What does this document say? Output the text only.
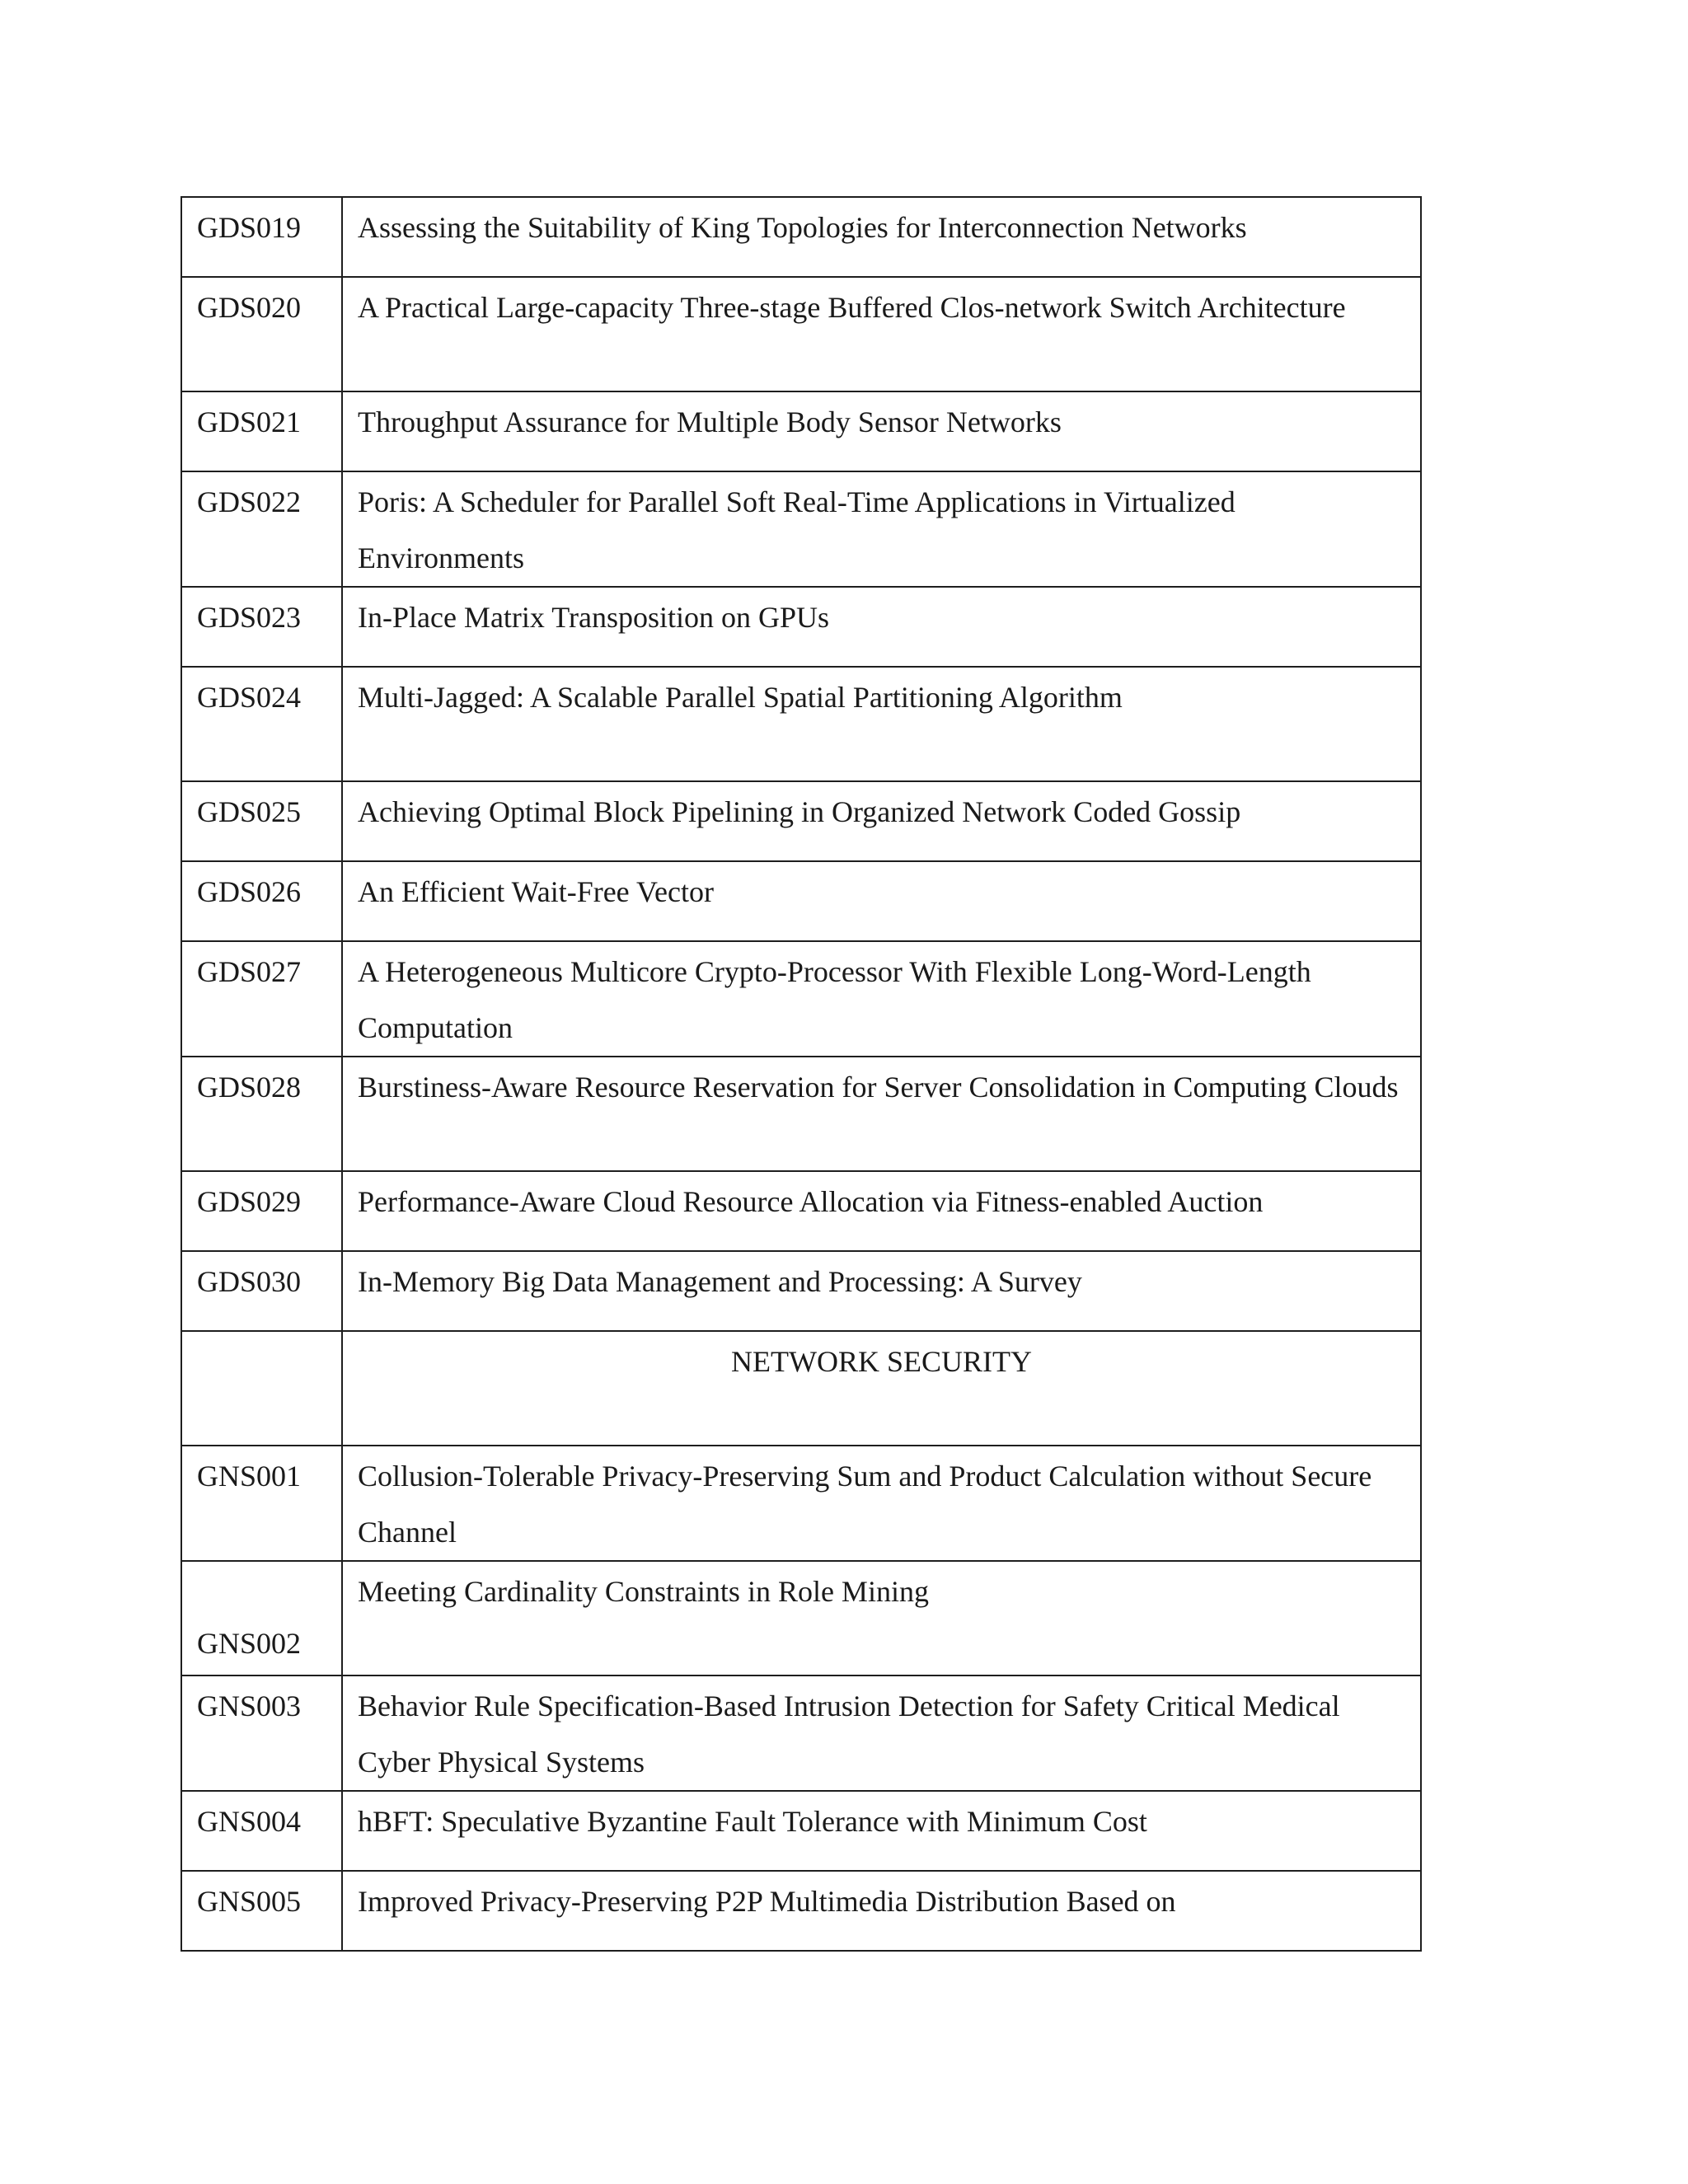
GDS019	Assessing the Suitability of King Topologies for Interconnection Networks
GDS020	A Practical Large-capacity Three-stage Buffered Clos-network Switch Architecture
GDS021	Throughput Assurance for Multiple Body Sensor Networks
GDS022	Poris: A Scheduler for Parallel Soft Real-Time Applications in Virtualized Environments
GDS023	In-Place Matrix Transposition on GPUs
GDS024	Multi-Jagged: A Scalable Parallel Spatial Partitioning Algorithm
GDS025	Achieving Optimal Block Pipelining in Organized Network Coded Gossip
GDS026	An Efficient Wait-Free Vector
GDS027	A Heterogeneous Multicore Crypto-Processor With Flexible Long-Word-Length Computation
GDS028	Burstiness-Aware Resource Reservation for Server Consolidation in Computing Clouds
GDS029	Performance-Aware Cloud Resource Allocation via Fitness-enabled Auction
GDS030	In-Memory Big Data Management and Processing: A Survey
	NETWORK SECURITY
GNS001	Collusion-Tolerable Privacy-Preserving Sum and Product Calculation without Secure Channel
GNS002	Meeting Cardinality Constraints in Role Mining
GNS003	Behavior Rule Specification-Based Intrusion Detection for Safety Critical Medical Cyber Physical Systems
GNS004	hBFT: Speculative Byzantine Fault Tolerance with Minimum Cost
GNS005	Improved Privacy-Preserving P2P Multimedia Distribution Based on
